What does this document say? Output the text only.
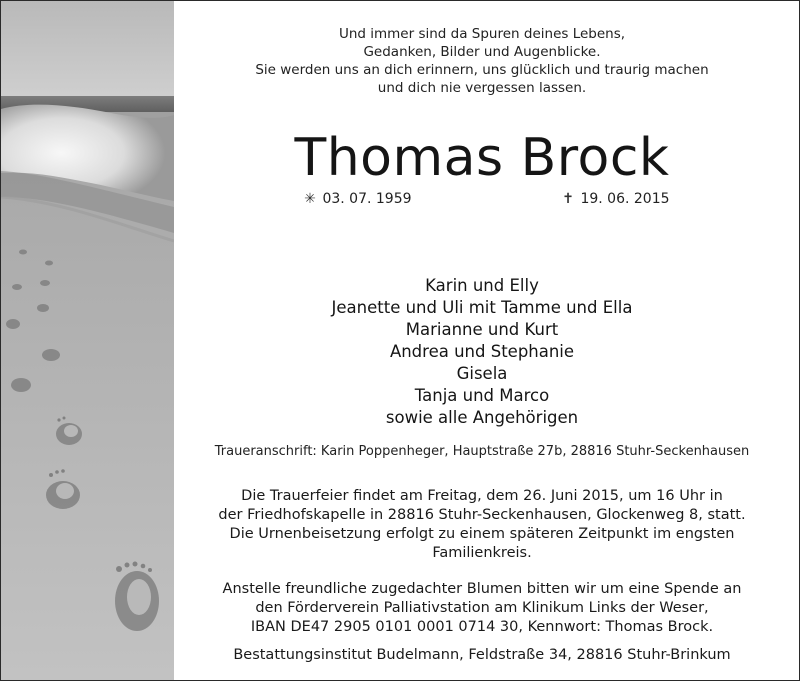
Und immer sind da Spuren deines Lebens,
Gedanken, Bilder und Augenblicke.
Sie werden uns an dich erinnern, uns glücklich und traurig machen
und dich nie vergessen lassen.
Thomas Brock
✳ 03. 07. 1959	✝ 19. 06. 2015
Karin und Elly
Jeanette und Uli mit Tamme und Ella
Marianne und Kurt
Andrea und Stephanie
Gisela
Tanja und Marco
sowie alle Angehörigen
Traueranschrift: Karin Poppenheger, Hauptstraße 27b, 28816 Stuhr-Seckenhausen
Die Trauerfeier findet am Freitag, dem 26. Juni 2015, um 16 Uhr in
der Friedhofskapelle in 28816 Stuhr-Seckenhausen, Glockenweg 8, statt.
Die Urnenbeisetzung erfolgt zu einem späteren Zeitpunkt im engsten
Familienkreis.
Anstelle freundliche zugedachter Blumen bitten wir um eine Spende an
den Förderverein Palliativstation am Klinikum Links der Weser,
IBAN DE47 2905 0101 0001 0714 30, Kennwort: Thomas Brock.
Bestattungsinstitut Budelmann, Feldstraße 34, 28816 Stuhr-Brinkum
